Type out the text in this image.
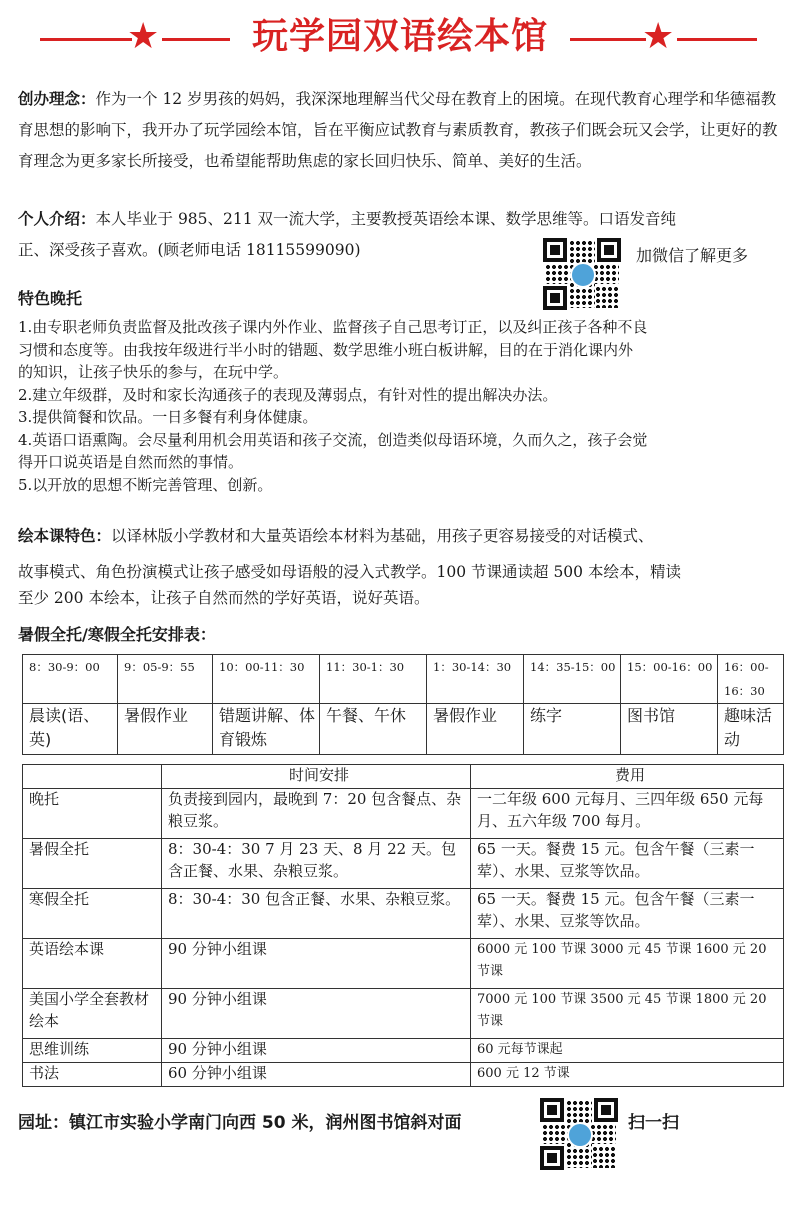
★	玩学园双语绘本馆	★
创办理念：作为一个 12 岁男孩的妈妈，我深深地理解当代父母在教育上的困境。在现代教育心理学和华德福教育思想的影响下，我开办了玩学园绘本馆，旨在平衡应试教育与素质教育，教孩子们既会玩又会学，让更好的教育理念为更多家长所接受，也希望能帮助焦虑的家长回归快乐、简单、美好的生活。
个人介绍：本人毕业于 985、211 双一流大学，主要教授英语绘本课、数学思维等。口语发音纯
正、深受孩子喜欢。(顾老师电话 18115599090)	加微信了解更多
特色晚托
1.由专职老师负责监督及批改孩子课内外作业、监督孩子自己思考订正，以及纠正孩子各种不良
习惯和态度等。由我按年级进行半小时的错题、数学思维小班白板讲解，目的在于消化课内外
的知识，让孩子快乐的参与，在玩中学。
2.建立年级群，及时和家长沟通孩子的表现及薄弱点，有针对性的提出解决办法。
3.提供简餐和饮品。一日多餐有利身体健康。
4.英语口语熏陶。会尽量利用机会用英语和孩子交流，创造类似母语环境，久而久之，孩子会觉
得开口说英语是自然而然的事情。
5.以开放的思想不断完善管理、创新。
绘本课特色：以译林版小学教材和大量英语绘本材料为基础，用孩子更容易接受的对话模式、
故事模式、角色扮演模式让孩子感受如母语般的浸入式教学。100 节课通读超 500 本绘本，精读
至少 200 本绘本，让孩子自然而然的学好英语，说好英语。
暑假全托/寒假全托安排表：
8：30-9：00	9：05-9：55	10：00-11：30	11：30-1：30	1：30-14：30	14：35-15：00	15：00-16：00	16：00-16：30
晨读(语、英)	暑假作业	错题讲解、体育锻炼	午餐、午休	暑假作业	练字	图书馆	趣味活动
	时间安排	费用
晚托	负责接到园内，最晚到 7：20 包含餐点、杂粮豆浆。	一二年级 600 元每月、三四年级 650 元每月、五六年级 700 每月。
暑假全托	8：30-4：30 7 月 23 天、8 月 22 天。包含正餐、水果、杂粮豆浆。	65 一天。餐费 15 元。包含午餐（三素一荤）、水果、豆浆等饮品。
寒假全托	8：30-4：30 包含正餐、水果、杂粮豆浆。	65 一天。餐费 15 元。包含午餐（三素一荤）、水果、豆浆等饮品。
英语绘本课	90 分钟小组课	6000 元 100 节课 3000 元 45 节课 1600 元 20 节课
美国小学全套教材绘本	90 分钟小组课	7000 元 100 节课 3500 元 45 节课 1800 元 20 节课
思维训练	90 分钟小组课	60 元每节课起
书法	60 分钟小组课	600 元 12 节课
园址：镇江市实验小学南门向西 50 米，润州图书馆斜对面	扫一扫
